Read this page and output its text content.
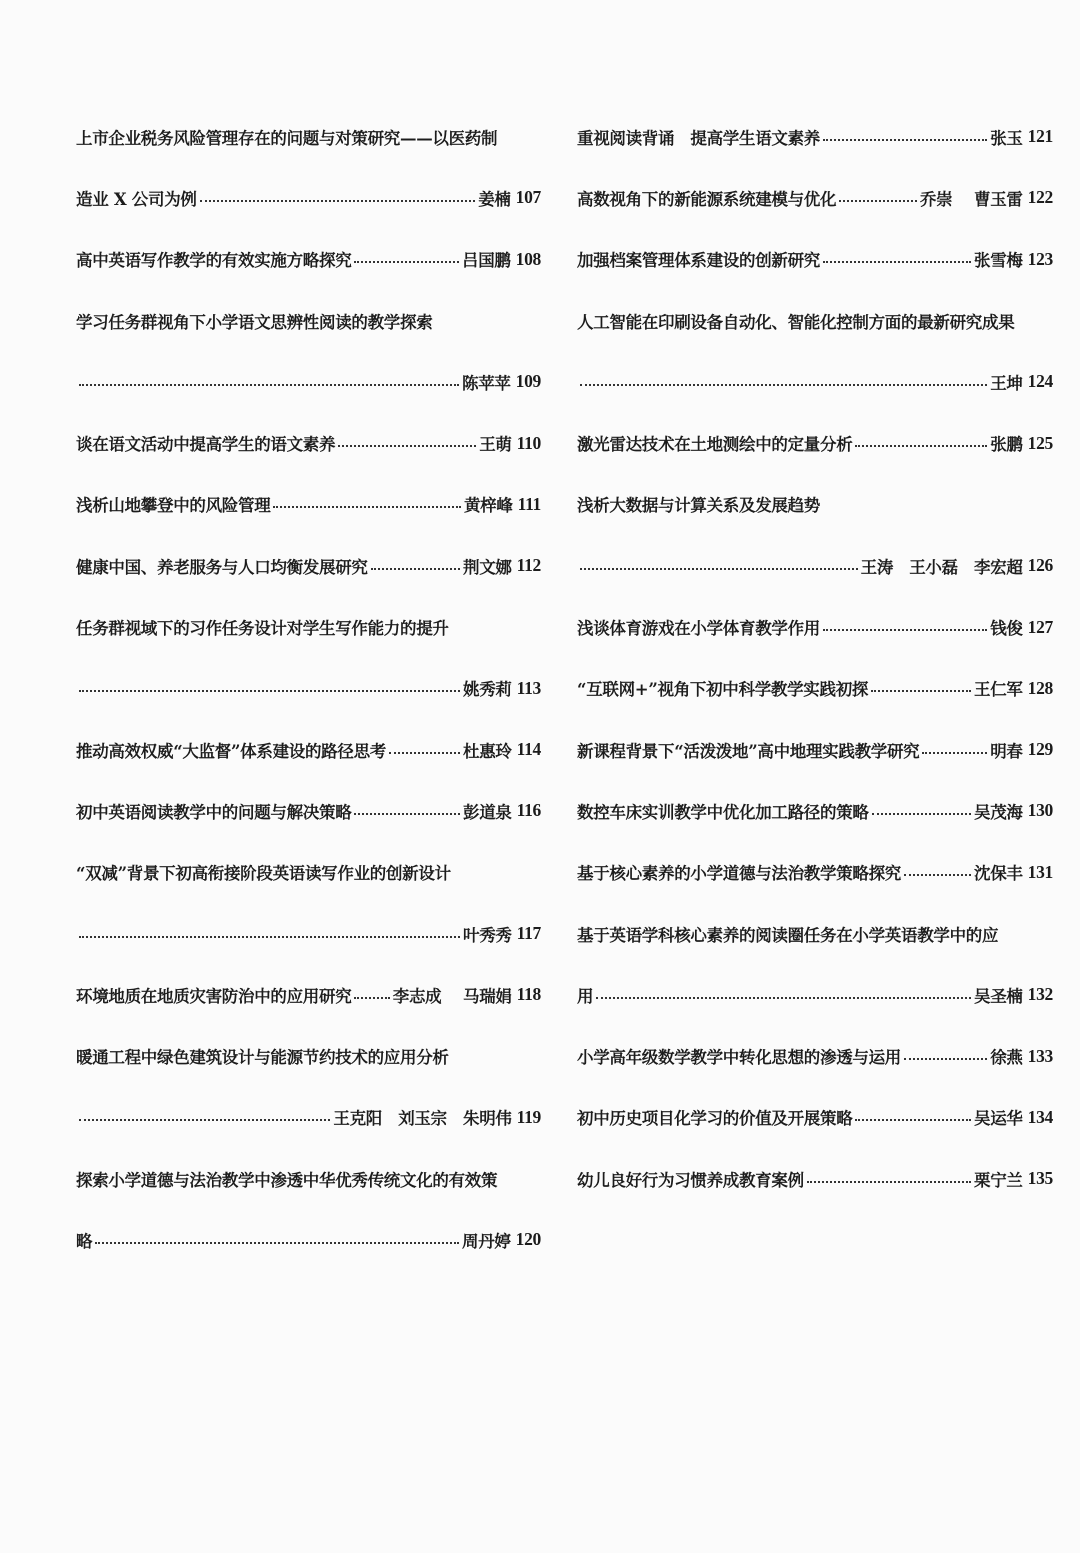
上市企业税务风险管理存在的问题与对策研究——以医药制
造业 X 公司为例	姜楠 107
高中英语写作教学的有效实施方略探究	吕国鹏 108
学习任务群视角下小学语文思辨性阅读的教学探索
陈苹苹 109
谈在语文活动中提高学生的语文素养	王萌 110
浅析山地攀登中的风险管理	黄梓峰 111
健康中国、养老服务与人口均衡发展研究	荆文娜 112
任务群视域下的习作任务设计对学生写作能力的提升
姚秀莉 113
推动高效权威“大监督”体系建设的路径思考	杜惠玲 114
初中英语阅读教学中的问题与解决策略	彭道泉 116
“双减”背景下初高衔接阶段英语读写作业的创新设计
叶秀秀 117
环境地质在地质灾害防治中的应用研究	李志成　 马瑞娟 118
暖通工程中绿色建筑设计与能源节约技术的应用分析
王克阳　刘玉宗　朱明伟 119
探索小学道德与法治教学中渗透中华优秀传统文化的有效策
略	周丹婷 120
重视阅读背诵　提高学生语文素养	张玉 121
高数视角下的新能源系统建模与优化	乔崇　 曹玉雷 122
加强档案管理体系建设的创新研究	张雪梅 123
人工智能在印刷设备自动化、智能化控制方面的最新研究成果
王坤 124
激光雷达技术在土地测绘中的定量分析	张鹏 125
浅析大数据与计算关系及发展趋势
王涛　王小磊　李宏超 126
浅谈体育游戏在小学体育教学作用	钱俊 127
“互联网+”视角下初中科学教学实践初探	王仁军 128
新课程背景下“活泼泼地”高中地理实践教学研究	明春 129
数控车床实训教学中优化加工路径的策略	吴茂海 130
基于核心素养的小学道德与法治教学策略探究	沈保丰 131
基于英语学科核心素养的阅读圈任务在小学英语教学中的应
用	吴圣楠 132
小学高年级数学教学中转化思想的渗透与运用	徐燕 133
初中历史项目化学习的价值及开展策略	吴运华 134
幼儿良好行为习惯养成教育案例	栗宁兰 135
